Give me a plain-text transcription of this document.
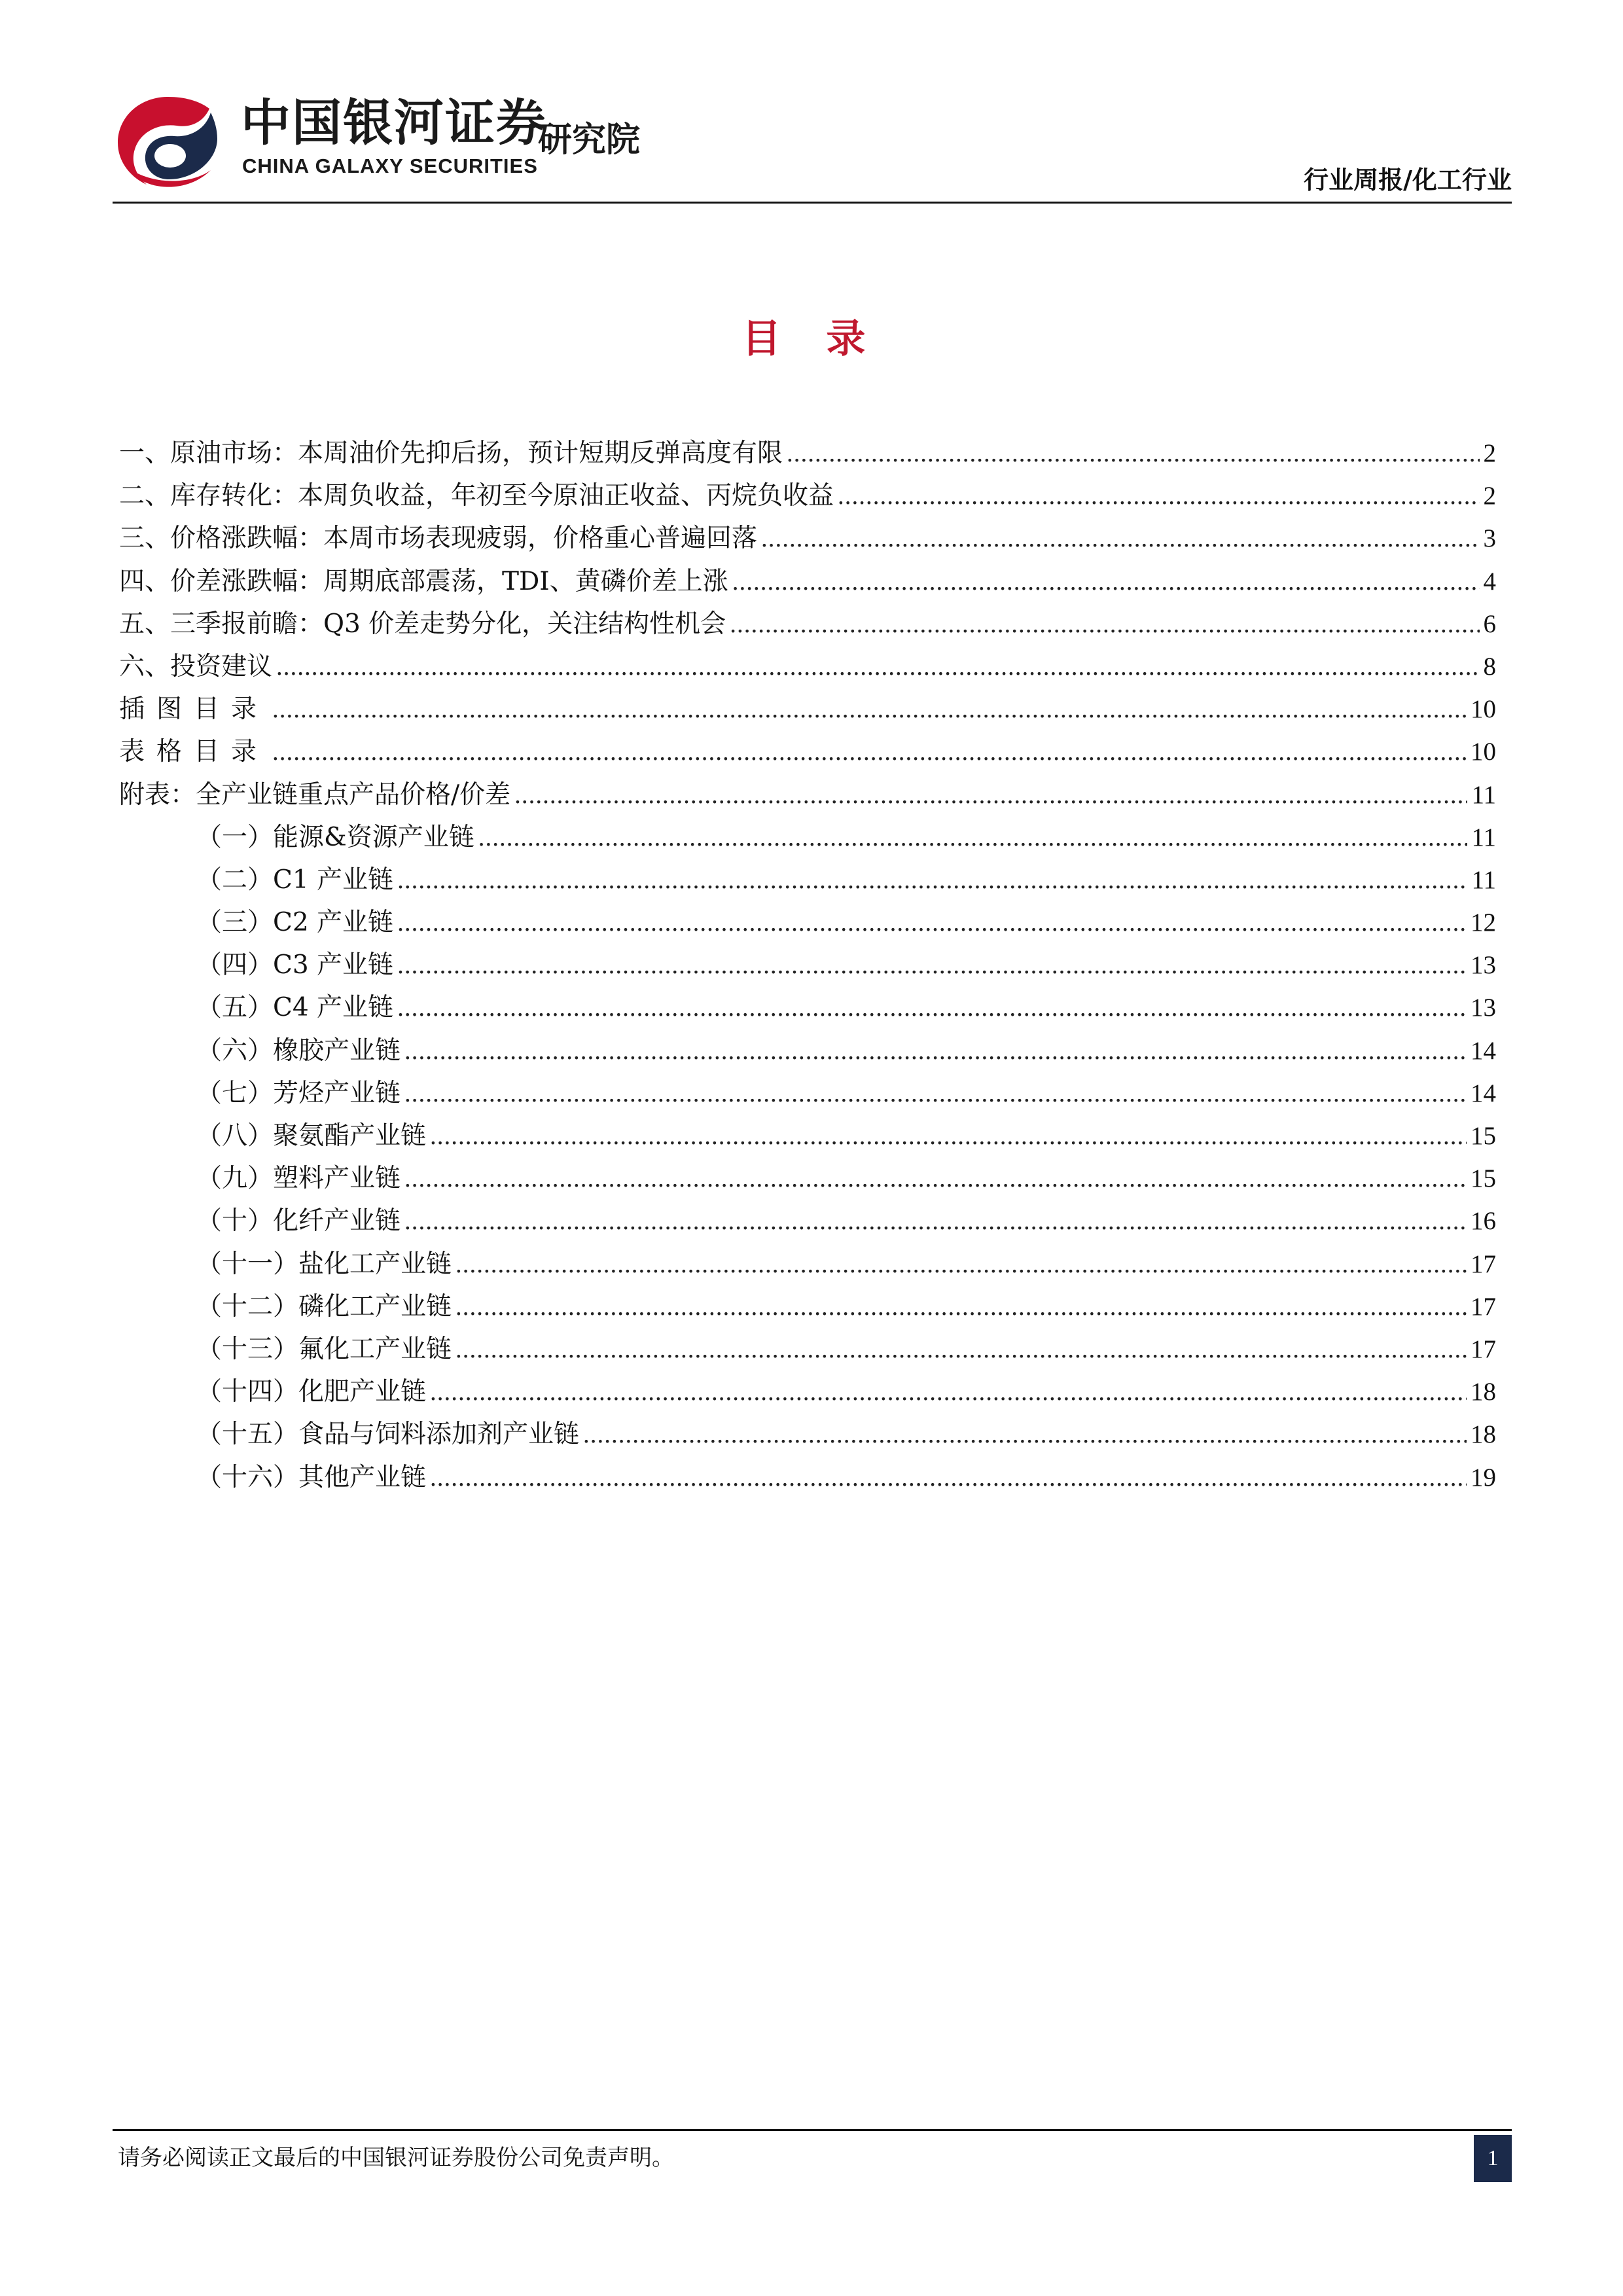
中国银河证券
CHINA GALAXY SECURITIES
研究院
行业周报/化工行业
目 录
一、原油市场：本周油价先抑后扬，预计短期反弹高度有限 .....	2
二、库存转化：本周负收益，年初至今原油正收益、丙烷负收益 .....	2
三、价格涨跌幅：本周市场表现疲弱，价格重心普遍回落 .....	3
四、价差涨跌幅：周期底部震荡，TDI、黄磷价差上涨 .....	4
五、三季报前瞻：Q3 价差走势分化，关注结构性机会 .....	6
六、投资建议 .....	8
插图目录 .....	10
表格目录 .....	10
附表：全产业链重点产品价格/价差 .....	11
（一）能源&资源产业链 .....	11
（二）C1 产业链 .....	11
（三）C2 产业链 .....	12
（四）C3 产业链 .....	13
（五）C4 产业链 .....	13
（六）橡胶产业链 .....	14
（七）芳烃产业链 .....	14
（八）聚氨酯产业链 .....	15
（九）塑料产业链 .....	15
（十）化纤产业链 .....	16
（十一）盐化工产业链 .....	17
（十二）磷化工产业链 .....	17
（十三）氟化工产业链 .....	17
（十四）化肥产业链 .....	18
（十五）食品与饲料添加剂产业链 .....	18
（十六）其他产业链 .....	19
请务必阅读正文最后的中国银河证券股份公司免责声明。	1
